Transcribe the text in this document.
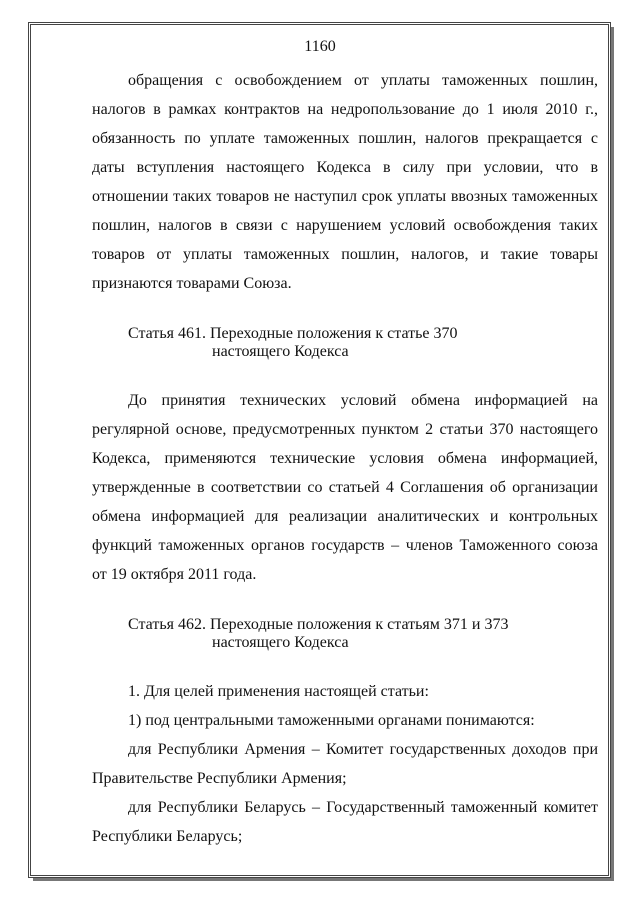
1160

обращения с освобождением от уплаты таможенных пошлин, налогов в рамках контрактов на недропользование до 1 июля 2010 г., обязанность по уплате таможенных пошлин, налогов прекращается с даты вступления настоящего Кодекса в силу при условии, что в отношении таких товаров не наступил срок уплаты ввозных таможенных пошлин, налогов в связи с нарушением условий освобождения таких товаров от уплаты таможенных пошлин, налогов, и такие товары признаются товарами Союза.

Статья 461. Переходные положения к статье 370
настоящего Кодекса

До принятия технических условий обмена информацией на регулярной основе, предусмотренных пунктом 2 статьи 370 настоящего Кодекса, применяются технические условия обмена информацией, утвержденные в соответствии со статьей 4 Соглашения об организации обмена информацией для реализации аналитических и контрольных функций таможенных органов государств – членов Таможенного союза от 19 октября 2011 года.

Статья 462. Переходные положения к статьям 371 и 373
настоящего Кодекса

1. Для целей применения настоящей статьи:

1) под центральными таможенными органами понимаются:

для Республики Армения – Комитет государственных доходов при Правительстве Республики Армения;

для Республики Беларусь – Государственный таможенный комитет Республики Беларусь;
